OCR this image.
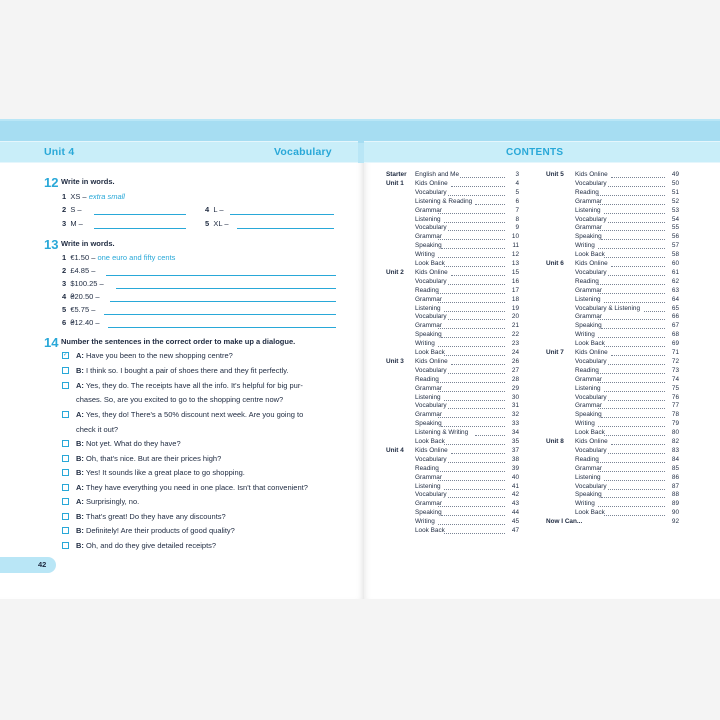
Unit 4	Vocabulary
12 Write in words.
1 XS – extra small
2 S –
3 M –
4 L –
5 XL –
13 Write in words.
1 €1.50 – one euro and fifty cents
2 £4.85 –
3 $100.25 –
4 ₴20.50 –
5 €5.75 –
6 ₴12.40 –
14 Number the sentences in the correct order to make up a dialogue.
✓ A: Have you been to the new shopping centre?
B: I think so. I bought a pair of shoes there and they fit perfectly.
A: Yes, they do. The receipts have all the info. It's helpful for big pur-
chases. So, are you excited to go to the shopping centre now?
A: Yes, they do! There's a 50% discount next week. Are you going to
check it out?
B: Not yet. What do they have?
B: Oh, that's nice. But are their prices high?
B: Yes! It sounds like a great place to go shopping.
A: They have everything you need in one place. Isn't that convenient?
A: Surprisingly, no.
B: That's great! Do they have any discounts?
B: Definitely! Are their products of good quality?
B: Oh, and do they give detailed receipts?
42
CONTENTS
Starter English and Me	3
Unit 1 Kids Online	4
Vocabulary	5
Listening & Reading	6
Grammar	7
Listening	8
Vocabulary	9
Grammar	10
Speaking	11
Writing	12
Look Back	13
Unit 2 Kids Online	15
Vocabulary	16
Reading	17
Grammar	18
Listening	19
Vocabulary	20
Grammar	21
Speaking	22
Writing	23
Look Back	24
Unit 3 Kids Online	26
Vocabulary	27
Reading	28
Grammar	29
Listening	30
Vocabulary	31
Grammar	32
Speaking	33
Listening & Writing	34
Look Back	35
Unit 4 Kids Online	37
Vocabulary	38
Reading	39
Grammar	40
Listening	41
Vocabulary	42
Grammar	43
Speaking	44
Writing	45
Look Back	47
Unit 5 Kids Online	49
Vocabulary	50
Reading	51
Grammar	52
Listening	53
Vocabulary	54
Grammar	55
Speaking	56
Writing	57
Look Back	58
Unit 6 Kids Online	60
Vocabulary	61
Reading	62
Grammar	63
Listening	64
Vocabulary & Listening	65
Grammar	66
Speaking	67
Writing	68
Look Back	69
Unit 7 Kids Online	71
Vocabulary	72
Reading	73
Grammar	74
Listening	75
Vocabulary	76
Grammar	77
Speaking	78
Writing	79
Look Back	80
Unit 8 Kids Online	82
Vocabulary	83
Reading	84
Grammar	85
Listening	86
Vocabulary	87
Speaking	88
Writing	89
Look Back	90
Now I Can...	92
